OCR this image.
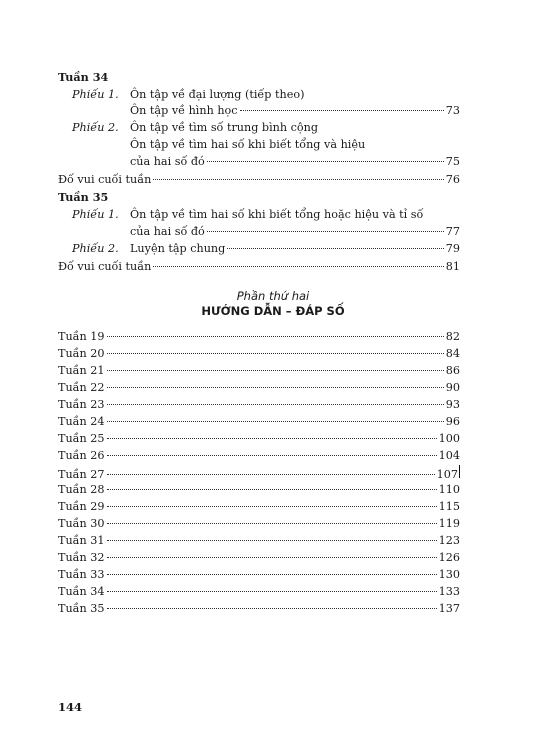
Tuần 34
Phiếu 1. Ôn tập về đại lượng (tiếp theo)
Ôn tập về hình học	73
Phiếu 2. Ôn tập về tìm số trung bình cộng
Ôn tập về tìm hai số khi biết tổng và hiệu
của hai số đó	75
Đố vui cuối tuần	76
Tuần 35
Phiếu 1. Ôn tập về tìm hai số khi biết tổng hoặc hiệu và tỉ số
của hai số đó	77
Phiếu 2.	Luyện tập chung	79
Đố vui cuối tuần	81
Phần thứ hai
HƯỚNG DẪN – ĐÁP SỐ
Tuần 19	82
Tuần 20	84
Tuần 21	86
Tuần 22	90
Tuần 23	93
Tuần 24	96
Tuần 25	100
Tuần 26	104
Tuần 27	107
Tuần 28	110
Tuần 29	115
Tuần 30	119
Tuần 31	123
Tuần 32	126
Tuần 33	130
Tuần 34	133
Tuần 35	137
144
